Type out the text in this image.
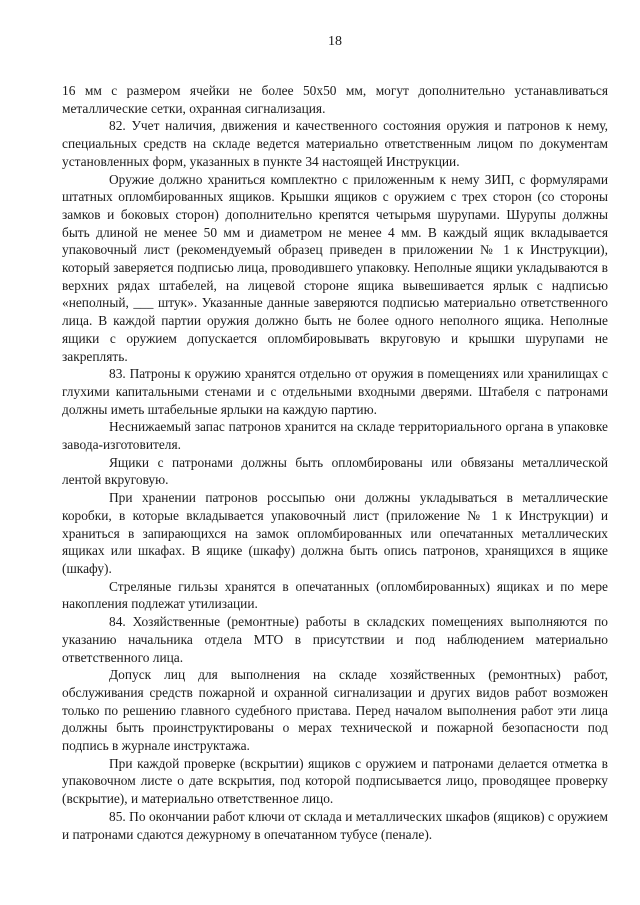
18

16 мм с размером ячейки не более 50х50 мм, могут дополнительно устанавливаться металлические сетки, охранная сигнализация.

82. Учет наличия, движения и качественного состояния оружия и патронов к нему, специальных средств на складе ведется материально ответственным лицом по документам установленных форм, указанных в пункте 34 настоящей Инструкции.

Оружие должно храниться комплектно с приложенным к нему ЗИП, с формулярами штатных опломбированных ящиков. Крышки ящиков с оружием с трех сторон (со стороны замков и боковых сторон) дополнительно крепятся четырьмя шурупами. Шурупы должны быть длиной не менее 50 мм и диаметром не менее 4 мм. В каждый ящик вкладывается упаковочный лист (рекомендуемый образец приведен в приложении № 1 к Инструкции), который заверяется подписью лица, проводившего упаковку. Неполные ящики укладываются в верхних рядах штабелей, на лицевой стороне ящика вывешивается ярлык с надписью «неполный, ___ штук». Указанные данные заверяются подписью материально ответственного лица. В каждой партии оружия должно быть не более одного неполного ящика. Неполные ящики с оружием допускается опломбировывать вкруговую и крышки шурупами не закреплять.

83. Патроны к оружию хранятся отдельно от оружия в помещениях или хранилищах с глухими капитальными стенами и с отдельными входными дверями. Штабеля с патронами должны иметь штабельные ярлыки на каждую партию.

Неснижаемый запас патронов хранится на складе территориального органа в упаковке завода-изготовителя.

Ящики с патронами должны быть опломбированы или обвязаны металлической лентой вкруговую.

При хранении патронов россыпью они должны укладываться в металлические коробки, в которые вкладывается упаковочный лист (приложение № 1 к Инструкции) и храниться в запирающихся на замок опломбированных или опечатанных металлических ящиках или шкафах. В ящике (шкафу) должна быть опись патронов, хранящихся в ящике (шкафу).

Стреляные гильзы хранятся в опечатанных (опломбированных) ящиках и по мере накопления подлежат утилизации.

84. Хозяйственные (ремонтные) работы в складских помещениях выполняются по указанию начальника отдела МТО в присутствии и под наблюдением материально ответственного лица.

Допуск лиц для выполнения на складе хозяйственных (ремонтных) работ, обслуживания средств пожарной и охранной сигнализации и других видов работ возможен только по решению главного судебного пристава. Перед началом выполнения работ эти лица должны быть проинструктированы о мерах технической и пожарной безопасности под подпись в журнале инструктажа.

При каждой проверке (вскрытии) ящиков с оружием и патронами делается отметка в упаковочном листе о дате вскрытия, под которой подписывается лицо, проводящее проверку (вскрытие), и материально ответственное лицо.

85. По окончании работ ключи от склада и металлических шкафов (ящиков) с оружием и патронами сдаются дежурному в опечатанном тубусе (пенале).
